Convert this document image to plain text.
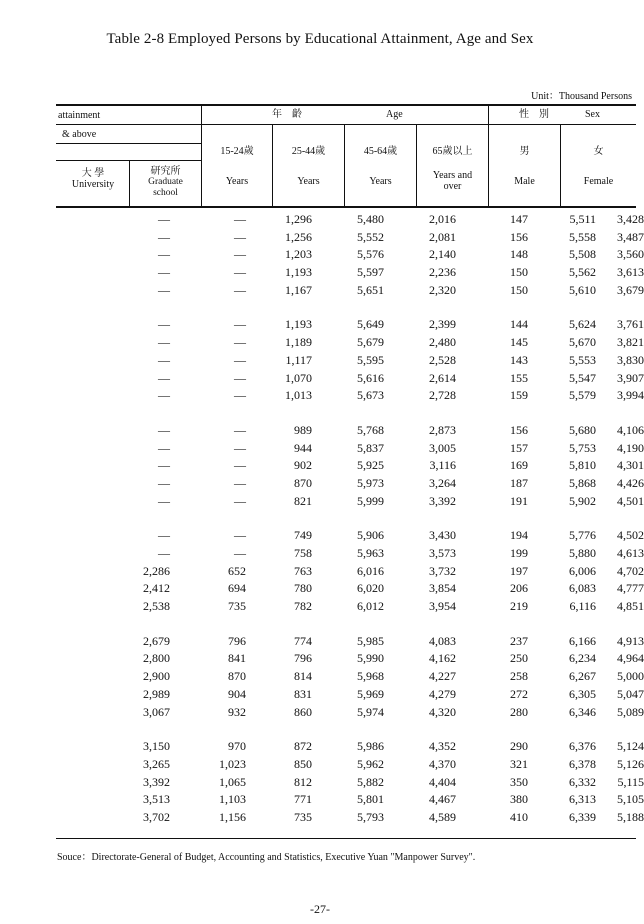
Table 2-8 Employed Persons by Educational Attainment, Age and Sex
Unit：Thousand Persons
attainment
& above
大 學
University
研究所
Graduate school
年　齡	Age	性　別	Sex
15-24歲
Years
25-44歲
Years
45-64歲
Years
65歲以上
Years and over
男
Male
女
Female
—	—	1,296	5,480	2,016	147	5,511 3,428
—	—	1,256	5,552	2,081	156	5,558 3,487
—	—	1,203	5,576	2,140	148	5,508 3,560
—	—	1,193	5,597	2,236	150	5,562 3,613
—	—	1,167	5,651	2,320	150	5,610 3,679
—	—	1,193	5,649	2,399	144	5,624 3,761
—	—	1,189	5,679	2,480	145	5,670 3,821
—	—	1,117	5,595	2,528	143	5,553 3,830
—	—	1,070	5,616	2,614	155	5,547 3,907
—	—	1,013	5,673	2,728	159	5,579 3,994
—	—	989	5,768	2,873	156	5,680 4,106
—	—	944	5,837	3,005	157	5,753 4,190
—	—	902	5,925	3,116	169	5,810 4,301
—	—	870	5,973	3,264	187	5,868 4,426
—	—	821	5,999	3,392	191	5,902 4,501
—	—	749	5,906	3,430	194	5,776 4,502
—	—	758	5,963	3,573	199	5,880 4,613
2,286	652	763	6,016	3,732	197	6,006 4,702
2,412	694	780	6,020	3,854	206	6,083 4,777
2,538	735	782	6,012	3,954	219	6,116 4,851
2,679	796	774	5,985	4,083	237	6,166 4,913
2,800	841	796	5,990	4,162	250	6,234 4,964
2,900	870	814	5,968	4,227	258	6,267 5,000
2,989	904	831	5,969	4,279	272	6,305 5,047
3,067	932	860	5,974	4,320	280	6,346 5,089
3,150	970	872	5,986	4,352	290	6,376 5,124
3,265	1,023	850	5,962	4,370	321	6,378 5,126
3,392	1,065	812	5,882	4,404	350	6,332 5,115
3,513	1,103	771	5,801	4,467	380	6,313 5,105
3,702	1,156	735	5,793	4,589	410	6,339 5,188
Souce：Directorate-General of Budget, Accounting and Statistics, Executive Yuan "Manpower Survey".
-27-
